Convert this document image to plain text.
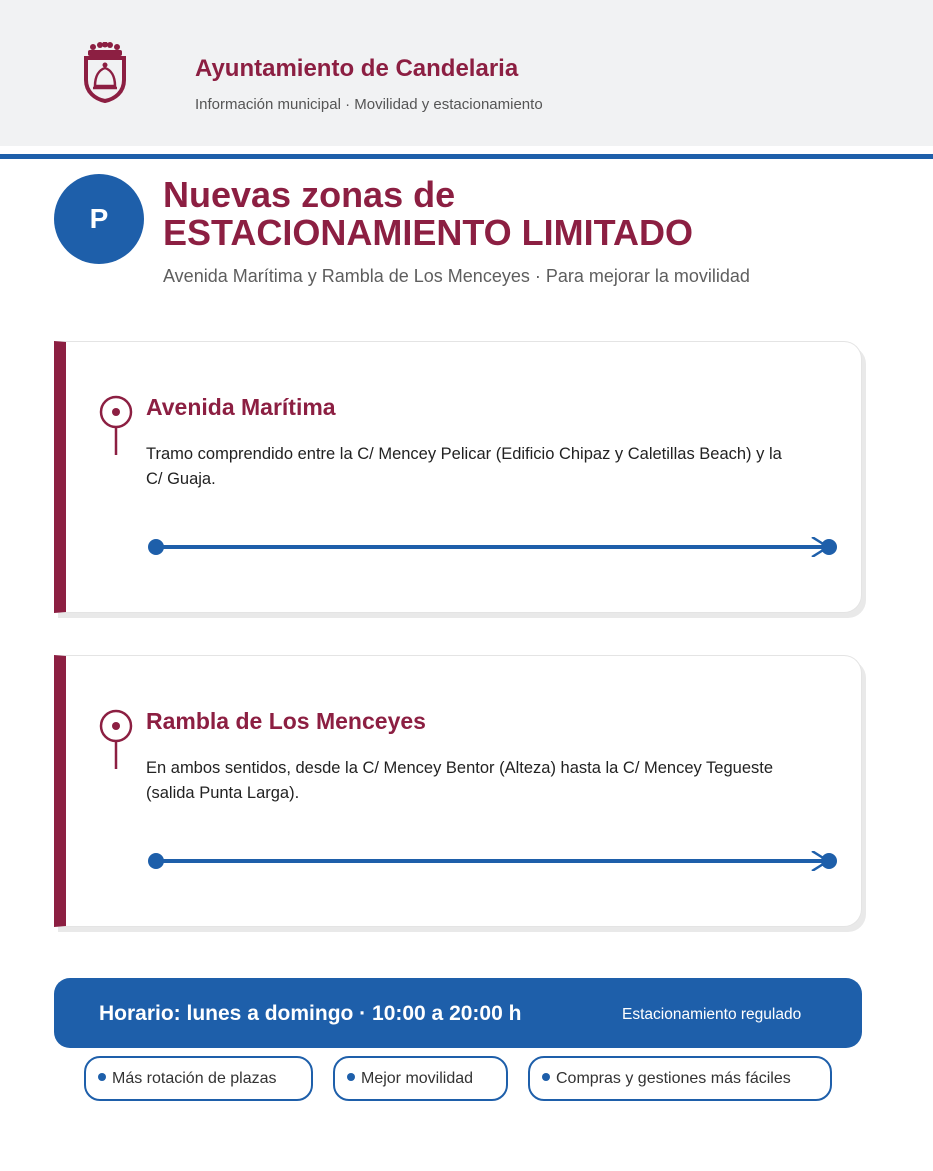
Ayuntamiento de Candelaria
Información municipal · Movilidad y estacionamiento
P
Nuevas zonas de
ESTACIONAMIENTO LIMITADO
Avenida Marítima y Rambla de Los Menceyes · Para mejorar la movilidad
Avenida Marítima
Tramo comprendido entre la C/ Mencey Pelicar (Edificio Chipaz y Caletillas Beach) y la C/ Guaja.
Rambla de Los Menceyes
En ambos sentidos, desde la C/ Mencey Bentor (Alteza) hasta la C/ Mencey Tegueste (salida Punta Larga).
Horario: lunes a domingo · 10:00 a 20:00 h	Estacionamiento regulado
Más rotación de plazas	Mejor movilidad	Compras y gestiones más fáciles
